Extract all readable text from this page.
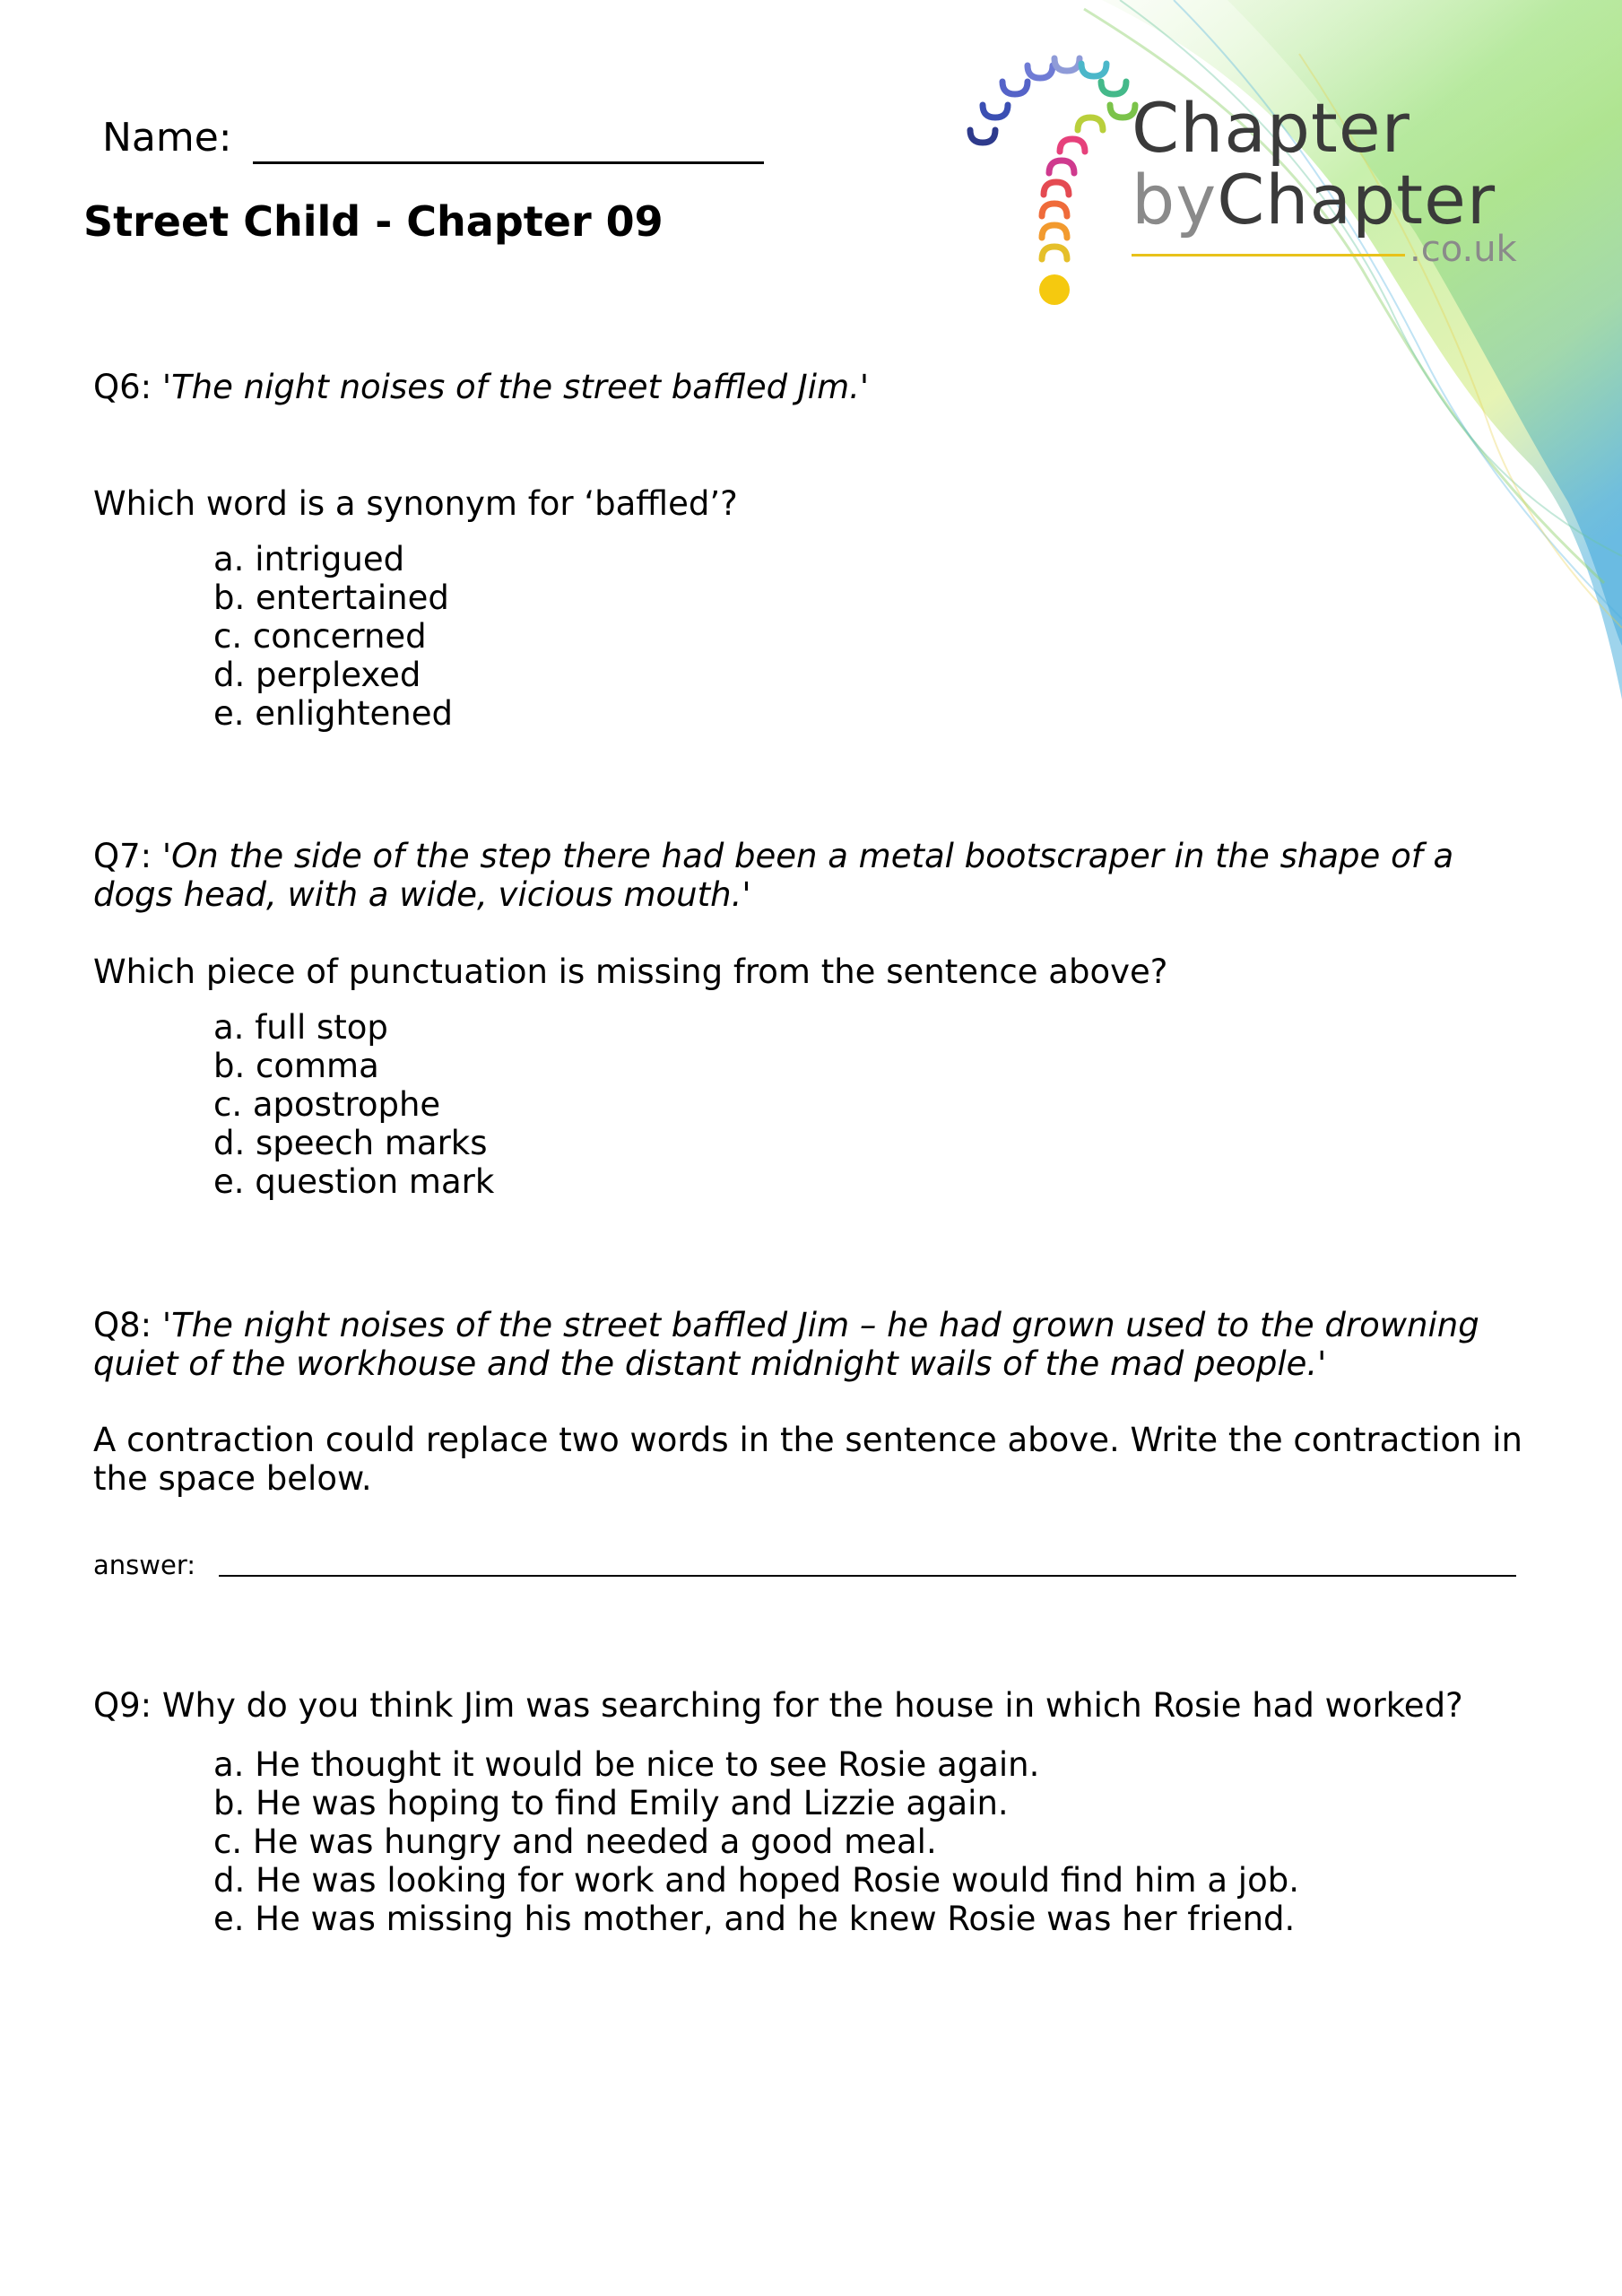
Chapter
byChapter
.co.uk
Name:
Street Child - Chapter 09
Q6: 'The night noises of the street baffled Jim.'
Which word is a synonym for ‘baffled’?
a. intrigued
b. entertained
c. concerned
d. perplexed
e. enlightened
Q7: 'On the side of the step there had been a metal bootscraper in the shape of a dogs head, with a wide, vicious mouth.'
Which piece of punctuation is missing from the sentence above?
a. full stop
b. comma
c. apostrophe
d. speech marks
e. question mark
Q8: 'The night noises of the street baffled Jim – he had grown used to the drowning quiet of the workhouse and the distant midnight wails of the mad people.'
A contraction could replace two words in the sentence above. Write the contraction in the space below.
answer:
Q9: Why do you think Jim was searching for the house in which Rosie had worked?
a. He thought it would be nice to see Rosie again.
b. He was hoping to find Emily and Lizzie again.
c. He was hungry and needed a good meal.
d. He was looking for work and hoped Rosie would find him a job.
e. He was missing his mother, and he knew Rosie was her friend.
